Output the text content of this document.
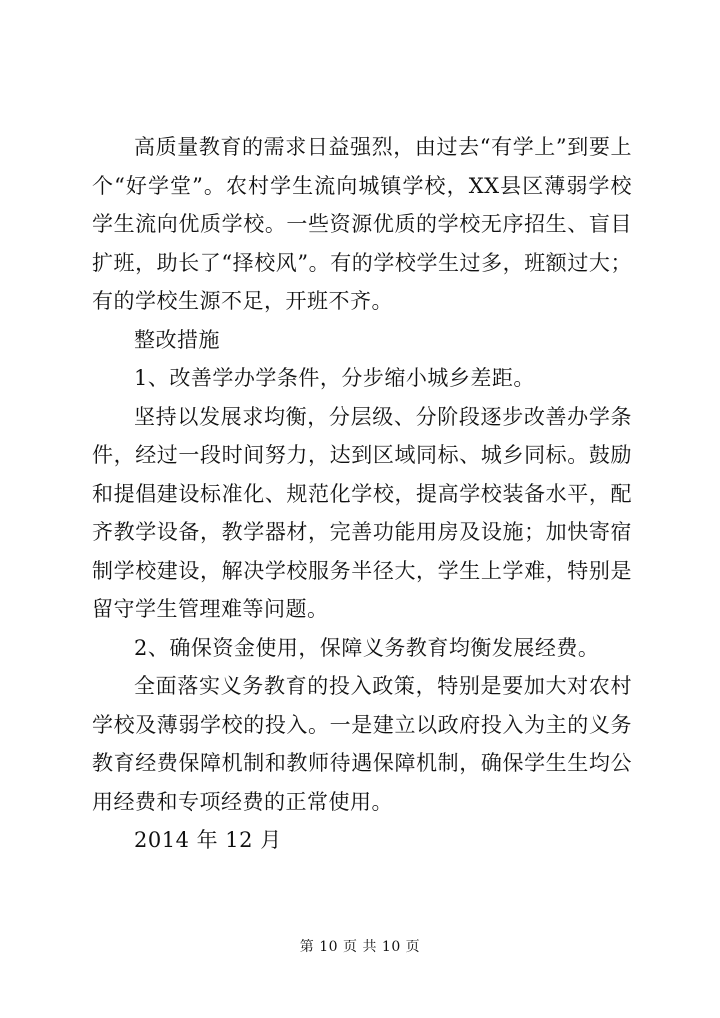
高质量教育的需求日益强烈，由过去“有学上”到要上个“好学堂”。农村学生流向城镇学校，XX县区薄弱学校学生流向优质学校。一些资源优质的学校无序招生、盲目扩班，助长了“择校风”。有的学校学生过多，班额过大；有的学校生源不足，开班不齐。

整改措施

1、改善学办学条件，分步缩小城乡差距。

坚持以发展求均衡，分层级、分阶段逐步改善办学条件，经过一段时间努力，达到区域同标、城乡同标。鼓励和提倡建设标准化、规范化学校，提高学校装备水平，配齐教学设备，教学器材，完善功能用房及设施；加快寄宿制学校建设，解决学校服务半径大，学生上学难，特别是留守学生管理难等问题。

2、确保资金使用，保障义务教育均衡发展经费。

全面落实义务教育的投入政策，特别是要加大对农村学校及薄弱学校的投入。一是建立以政府投入为主的义务教育经费保障机制和教师待遇保障机制，确保学生生均公用经费和专项经费的正常使用。

2014 年 12 月

第 10 页 共 10 页
